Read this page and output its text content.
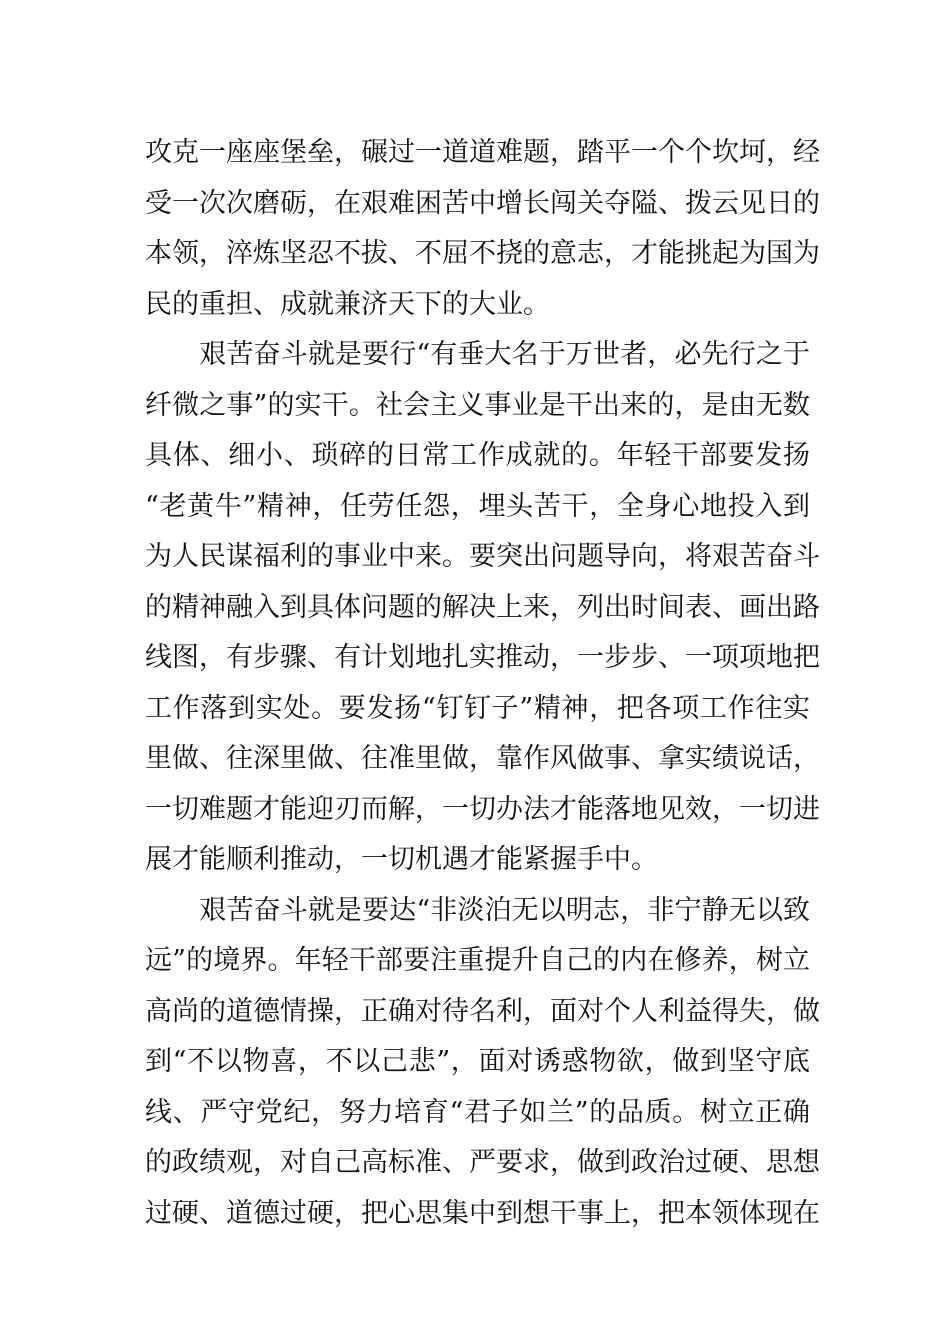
攻克一座座堡垒，碾过一道道难题，踏平一个个坎坷，经
受一次次磨砺，在艰难困苦中增长闯关夺隘、拨云见日的
本领，淬炼坚忍不拔、不屈不挠的意志，才能挑起为国为
民的重担、成就兼济天下的大业。
　　艰苦奋斗就是要行“有垂大名于万世者，必先行之于
纤微之事”的实干。社会主义事业是干出来的，是由无数
具体、细小、琐碎的日常工作成就的。年轻干部要发扬
“老黄牛”精神，任劳任怨，埋头苦干，全身心地投入到
为人民谋福利的事业中来。要突出问题导向，将艰苦奋斗
的精神融入到具体问题的解决上来，列出时间表、画出路
线图，有步骤、有计划地扎实推动，一步步、一项项地把
工作落到实处。要发扬“钉钉子”精神，把各项工作往实
里做、往深里做、往准里做，靠作风做事、拿实绩说话，
一切难题才能迎刃而解，一切办法才能落地见效，一切进
展才能顺利推动，一切机遇才能紧握手中。
　　艰苦奋斗就是要达“非淡泊无以明志，非宁静无以致
远”的境界。年轻干部要注重提升自己的内在修养，树立
高尚的道德情操，正确对待名利，面对个人利益得失，做
到“不以物喜，不以己悲”，面对诱惑物欲，做到坚守底
线、严守党纪，努力培育“君子如兰”的品质。树立正确
的政绩观，对自己高标准、严要求，做到政治过硬、思想
过硬、道德过硬，把心思集中到想干事上，把本领体现在
